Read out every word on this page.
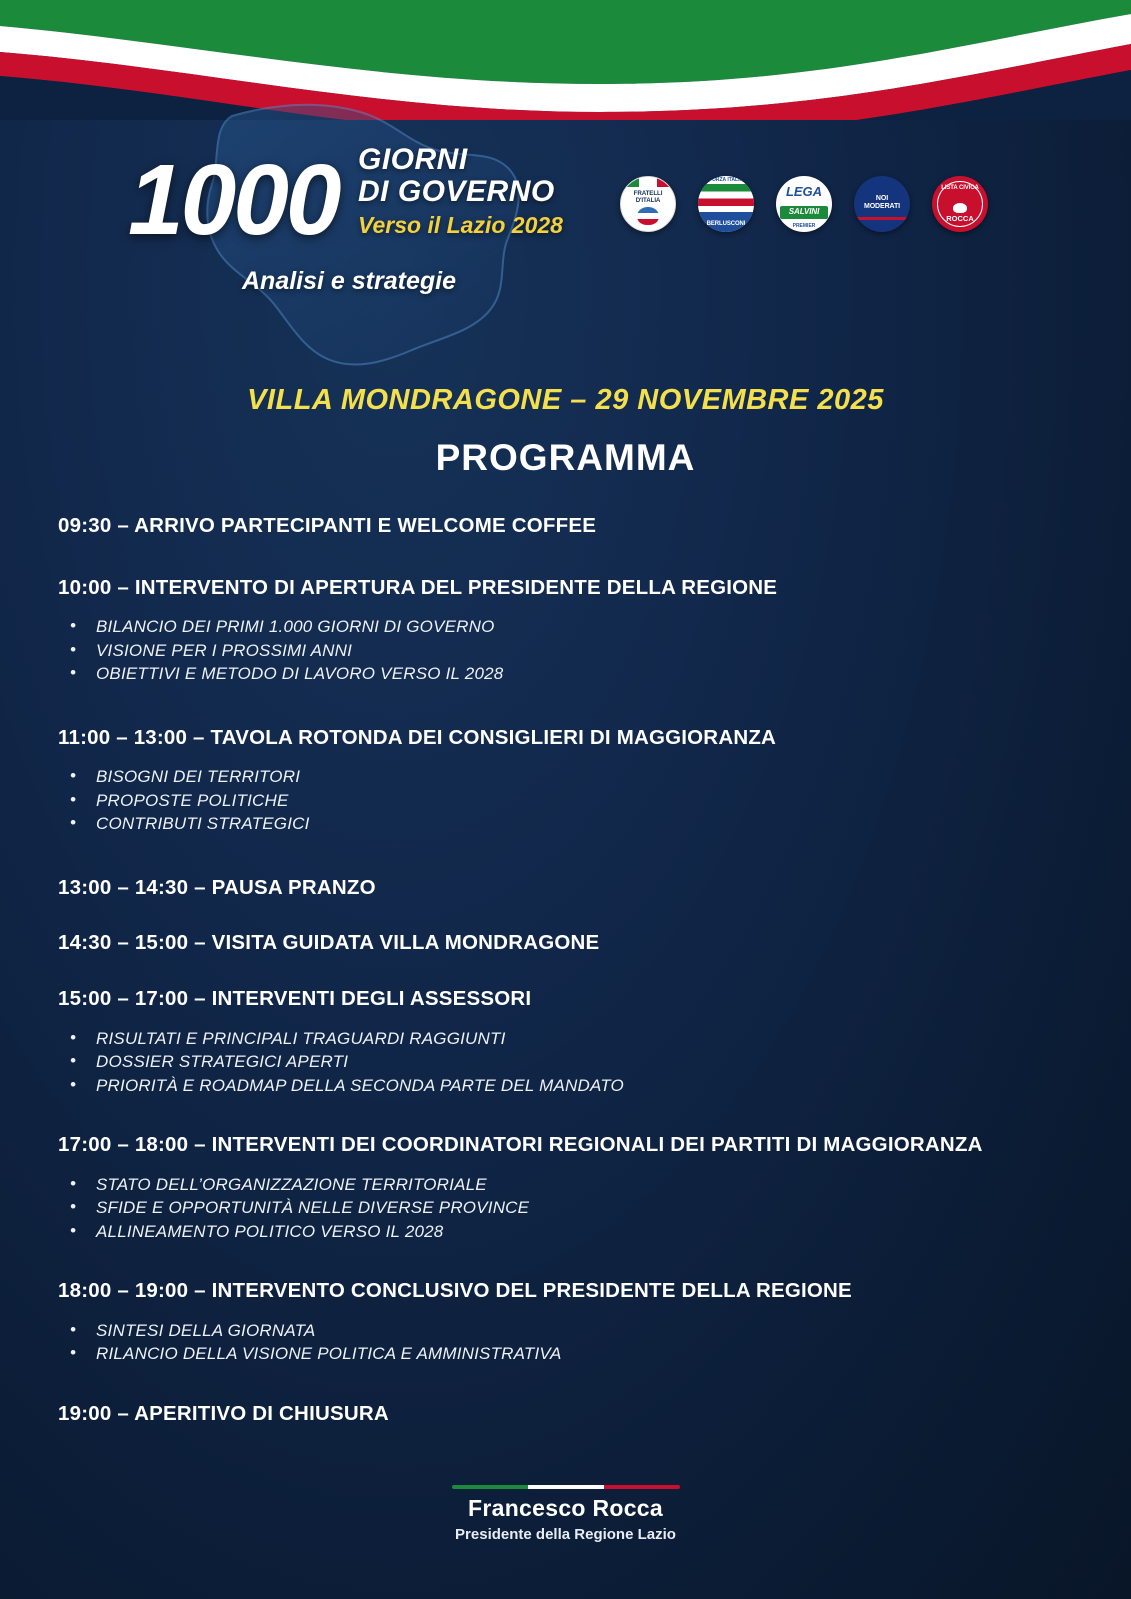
1000 GIORNI
DI GOVERNO
Verso il Lazio 2028
Analisi e strategie
FRATELLI
D'ITALIA
FORZA ITALIA
BERLUSCONI
LEGA
SALVINI
PREMIER
NOI
MODERATI
LISTA CIVICA
ROCCA
VILLA MONDRAGONE – 29 NOVEMBRE 2025
PROGRAMMA
09:30 – ARRIVO PARTECIPANTI E WELCOME COFFEE
10:00 – INTERVENTO DI APERTURA DEL PRESIDENTE DELLA REGIONE
• BILANCIO DEI PRIMI 1.000 GIORNI DI GOVERNO
• VISIONE PER I PROSSIMI ANNI
• OBIETTIVI E METODO DI LAVORO VERSO IL 2028
11:00 – 13:00 – TAVOLA ROTONDA DEI CONSIGLIERI DI MAGGIORANZA
• BISOGNI DEI TERRITORI
• PROPOSTE POLITICHE
• CONTRIBUTI STRATEGICI
13:00 – 14:30 – PAUSA PRANZO
14:30 – 15:00 – VISITA GUIDATA VILLA MONDRAGONE
15:00 – 17:00 – INTERVENTI DEGLI ASSESSORI
• RISULTATI E PRINCIPALI TRAGUARDI RAGGIUNTI
• DOSSIER STRATEGICI APERTI
• PRIORITÀ E ROADMAP DELLA SECONDA PARTE DEL MANDATO
17:00 – 18:00 – INTERVENTI DEI COORDINATORI REGIONALI DEI PARTITI DI MAGGIORANZA
• STATO DELL’ORGANIZZAZIONE TERRITORIALE
• SFIDE E OPPORTUNITÀ NELLE DIVERSE PROVINCE
• ALLINEAMENTO POLITICO VERSO IL 2028
18:00 – 19:00 – INTERVENTO CONCLUSIVO DEL PRESIDENTE DELLA REGIONE
• SINTESI DELLA GIORNATA
• RILANCIO DELLA VISIONE POLITICA E AMMINISTRATIVA
19:00 – APERITIVO DI CHIUSURA
Francesco Rocca
Presidente della Regione Lazio
